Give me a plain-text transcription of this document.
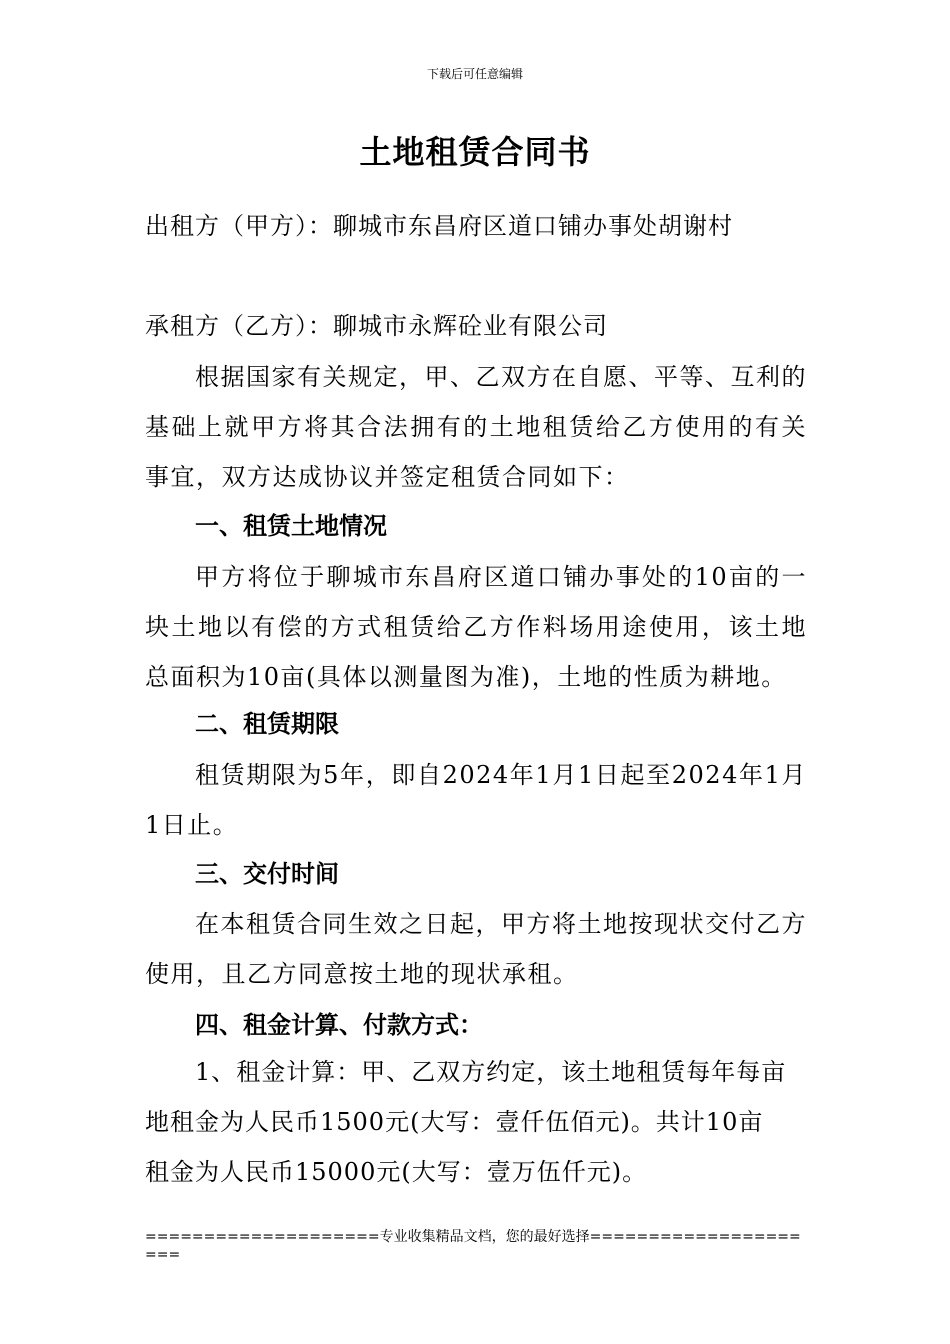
下载后可任意编辑
土地租赁合同书
出租方（甲方）：聊城市东昌府区道口铺办事处胡谢村
承租方（乙方）：聊城市永辉砼业有限公司
根据国家有关规定，甲、乙双方在自愿、平等、互利的基础上就甲方将其合法拥有的土地租赁给乙方使用的有关事宜，双方达成协议并签定租赁合同如下：
一、租赁土地情况
甲方将位于聊城市东昌府区道口铺办事处的10亩的一块土地以有偿的方式租赁给乙方作料场用途使用，该土地总面积为10亩(具体以测量图为准)，土地的性质为耕地。
二、租赁期限
租赁期限为5年，即自2024年1月1日起至2024年1月1日止。
三、交付时间
在本租赁合同生效之日起，甲方将土地按现状交付乙方使用，且乙方同意按土地的现状承租。
四、租金计算、付款方式：
1、租金计算：甲、乙双方约定，该土地租赁每年每亩
地租金为人民币1500元(大写：壹仟伍佰元)。共计10亩
租金为人民币15000元(大写：壹万伍仟元)。
====================专业收集精品文档，您的最好选择=====================
